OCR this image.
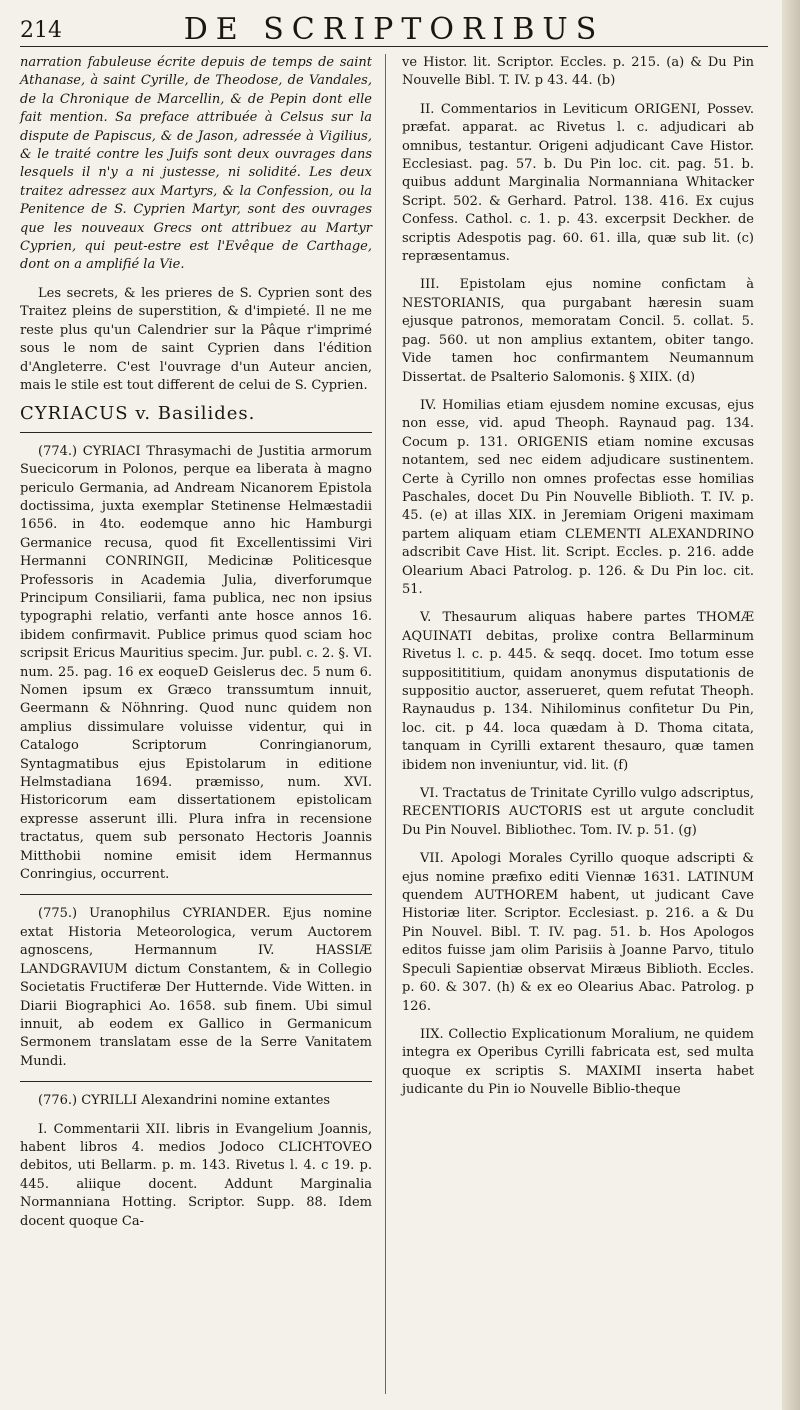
214	DE SCRIPTORIBUS

narration fabuleuse écrite depuis de temps de saint Athanase, à saint Cyrille, de Theodose, de Vandales, de la Chronique de Marcellin, & de Pepin dont elle fait mention. Sa preface attribuée à Celsus sur la dispute de Papiscus, & de Jason, adressée à Vigilius, & le traité contre les Juifs sont deux ouvrages dans lesquels il n'y a ni justesse, ni solidité. Les deux traitez adressez aux Martyrs, & la Confession, ou la Penitence de S. Cyprien Martyr, sont des ouvrages que les nouveaux Grecs ont attribuez au Martyr Cyprien, qui peut-estre est l'Evêque de Carthage, dont on a amplifié la Vie.

Les secrets, & les prieres de S. Cyprien sont des Traitez pleins de superstition, & d'impieté. Il ne me reste plus qu'un Calendrier sur la Pâque r'imprimé sous le nom de saint Cyprien dans l'édition d'Angleterre. C'est l'ouvrage d'un Auteur ancien, mais le stile est tout different de celui de S. Cyprien.

CYRIACUS v. Basilides.

(774.) CYRIACI Thrasymachi de Justitia armorum Suecicorum in Polonos, perque ea liberata à magno periculo Germania, ad Andream Nicanorem Epistola doctissima, juxta exemplar Stetinense Helmæstadii 1656. in 4to. eodemque anno hic Hamburgi Germanice recusa, quod fit Excellentissimi Viri Hermanni CONRINGII, Medicinæ Politicesque Professoris in Academia Julia, diverforumque Principum Consiliarii, fama publica, nec non ipsius typographi relatio, verfanti ante hosce annos 16. ibidem confirmavit. Publice primus quod sciam hoc scripsit Ericus Mauritius specim. Jur. publ. c. 2. §. VI. num. 25. pag. 16 ex eoqueD Geislerus dec. 5 num 6. Nomen ipsum ex Græco transsumtum innuit, Geermann & Nöhnring. Quod nunc quidem non amplius dissimulare voluisse videntur, qui in Catalogo Scriptorum Conringianorum, Syntagmatibus ejus Epistolarum in editione Helmstadiana 1694. præmisso, num. XVI. Historicorum eam dissertationem epistolicam expresse asserunt illi. Plura infra in recensione tractatus, quem sub personato Hectoris Joannis Mitthobii nomine emisit idem Hermannus Conringius, occurrent.

(775.) Uranophilus CYRIANDER. Ejus nomine extat Historia Meteorologica, verum Auctorem agnoscens, Hermannum IV. HASSIÆ LANDGRAVIUM dictum Constantem, & in Collegio Societatis Fructiferæ Der Hutternde. Vide Witten. in Diarii Biographici Ao. 1658. sub finem. Ubi simul innuit, ab eodem ex Gallico in Germanicum Sermonem translatam esse de la Serre Vanitatem Mundi.

(776.) CYRILLI Alexandrini nomine extantes

I. Commentarii XII. libris in Evangelium Joannis, habent libros 4. medios Jodoco CLICHTOVEO debitos, uti Bellarm. p. m. 143. Rivetus l. 4. c 19. p. 445. aliique docent. Addunt Marginalia Normanniana Hotting. Scriptor. Supp. 88. Idem docent quoque Ca-

ve Histor. lit. Scriptor. Eccles. p. 215. (a) & Du Pin Nouvelle Bibl. T. IV. p 43. 44. (b)

II. Commentarios in Leviticum ORIGENI, Possev. præfat. apparat. ac Rivetus l. c. adjudicari ab omnibus, testantur. Origeni adjudicant Cave Histor. Ecclesiast. pag. 57. b. Du Pin loc. cit. pag. 51. b. quibus addunt Marginalia Normanniana Whitacker Script. 502. & Gerhard. Patrol. 138. 416. Ex cujus Confess. Cathol. c. 1. p. 43. excerpsit Deckher. de scriptis Adespotis pag. 60. 61. illa, quæ sub lit. (c) repræsentamus.

III. Epistolam ejus nomine confictam à NESTORIANIS, qua purgabant hæresin suam ejusque patronos, memoratam Concil. 5. collat. 5. pag. 560. ut non amplius extantem, obiter tango. Vide tamen hoc confirmantem Neumannum Dissertat. de Psalterio Salomonis. § XIIX. (d)

IV. Homilias etiam ejusdem nomine excusas, ejus non esse, vid. apud Theoph. Raynaud pag. 134. Cocum p. 131. ORIGENIS etiam nomine excusas notantem, sed nec eidem adjudicare sustinentem. Certe à Cyrillo non omnes profectas esse homilias Paschales, docet Du Pin Nouvelle Biblioth. T. IV. p. 45. (e) at illas XIX. in Jeremiam Origeni maximam partem aliquam etiam CLEMENTI ALEXANDRINO adscribit Cave Hist. lit. Script. Eccles. p. 216. adde Olearium Abaci Patrolog. p. 126. & Du Pin loc. cit. 51.

V. Thesaurum aliquas habere partes THOMÆ AQUINATI debitas, prolixe contra Bellarminum Rivetus l. c. p. 445. & seqq. docet. Imo totum esse suppositititium, quidam anonymus disputationis de suppositio auctor, asserueret, quem refutat Theoph. Raynaudus p. 134. Nihilominus confitetur Du Pin, loc. cit. p 44. loca quædam à D. Thoma citata, tanquam in Cyrilli extarent thesauro, quæ tamen ibidem non inveniuntur, vid. lit. (f)

VI. Tractatus de Trinitate Cyrillo vulgo adscriptus, RECENTIORIS AUCTORIS est ut argute concludit Du Pin Nouvel. Bibliothec. Tom. IV. p. 51. (g)

VII. Apologi Morales Cyrillo quoque adscripti & ejus nomine præfixo editi Viennæ 1631. LATINUM quendem AUTHOREM habent, ut judicant Cave Historiæ liter. Scriptor. Ecclesiast. p. 216. a & Du Pin Nouvel. Bibl. T. IV. pag. 51. b. Hos Apologos editos fuisse jam olim Parisiis à Joanne Parvo, titulo Speculi Sapientiæ observat Miræus Biblioth. Eccles. p. 60. & 307. (h) & ex eo Olearius Abac. Patrolog. p 126.

IIX. Collectio Explicationum Moralium, ne quidem integra ex Operibus Cyrilli fabricata est, sed multa quoque ex scriptis S. MAXIMI inserta habet judicante du Pin io Nouvelle Biblio-theque
